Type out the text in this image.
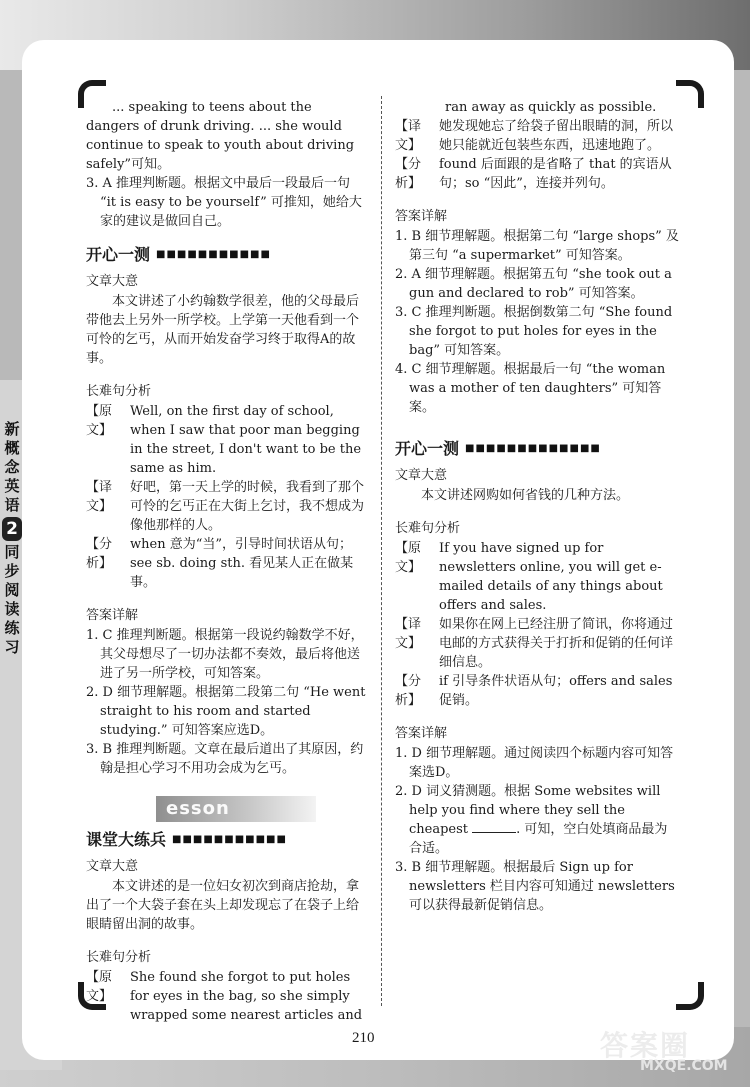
新概念英语
2
同步阅读练习

... speaking to teens about the dangers of drunk driving. ... she would continue to speak to youth about driving safely”可知。

3. A 推理判断题。根据文中最后一段最后一句 “it is easy to be yourself” 可推知，她给大家的建议是做回自己。

开心一测 ■■■■■■■■■■■

文章大意

本文讲述了小约翰数学很差，他的父母最后带他去上另外一所学校。上学第一天他看到一个可怜的乞丐，从而开始发奋学习终于取得A的故事。

长难句分析

【原文】
Well, on the first day of school, when I saw that poor man begging in the street, I don't want to be the same as him.
【译文】
好吧，第一天上学的时候，我看到了那个可怜的乞丐正在大街上乞讨，我不想成为像他那样的人。
【分析】
when 意为“当”，引导时间状语从句；see sb. doing sth. 看见某人正在做某事。

答案详解

1. C 推理判断题。根据第一段说约翰数学不好，其父母想尽了一切办法都不奏效，最后将他送进了另一所学校，可知答案。

2. D 细节理解题。根据第二段第二句 “He went straight to his room and started studying.” 可知答案应选D。

3. B 推理判断题。文章在最后道出了其原因，约翰是担心学习不用功会成为乞丐。

esson
课堂大练兵 ■■■■■■■■■■■

文章大意

本文讲述的是一位妇女初次到商店抢劫，拿出了一个大袋子套在头上却发现忘了在袋子上给眼睛留出洞的故事。

长难句分析

【原文】
She found she forgot to put holes for eyes in the bag, so she simply wrapped some nearest articles and

ran away as quickly as possible.

【译文】
她发现她忘了给袋子留出眼睛的洞，所以她只能就近包装些东西，迅速地跑了。
【分析】
found 后面跟的是省略了 that 的宾语从句；so “因此”，连接并列句。

答案详解

1. B 细节理解题。根据第二句 “large shops” 及第三句 “a supermarket” 可知答案。

2. A 细节理解题。根据第五句 “she took out a gun and declared to rob” 可知答案。

3. C 推理判断题。根据倒数第二句 “She found she forgot to put holes for eyes in the bag” 可知答案。

4. C 细节理解题。根据最后一句 “the woman was a mother of ten daughters” 可知答案。

开心一测 ■■■■■■■■■■■■■

文章大意

本文讲述网购如何省钱的几种方法。

长难句分析

【原文】
If you have signed up for newsletters online, you will get e-mailed details of any things about offers and sales.
【译文】
如果你在网上已经注册了简讯，你将通过电邮的方式获得关于打折和促销的任何详细信息。
【分析】
if 引导条件状语从句；offers and sales 促销。

答案详解

1. D 细节理解题。通过阅读四个标题内容可知答案选D。

2. D 词义猜测题。根据 Some websites will help you find where they sell the cheapest	. 可知，空白处填商品最为合适。

3. B 细节理解题。根据最后 Sign up for newsletters 栏目内容可知通过 newsletters 可以获得最新促销信息。

210	答案圈
MXQE.COM
